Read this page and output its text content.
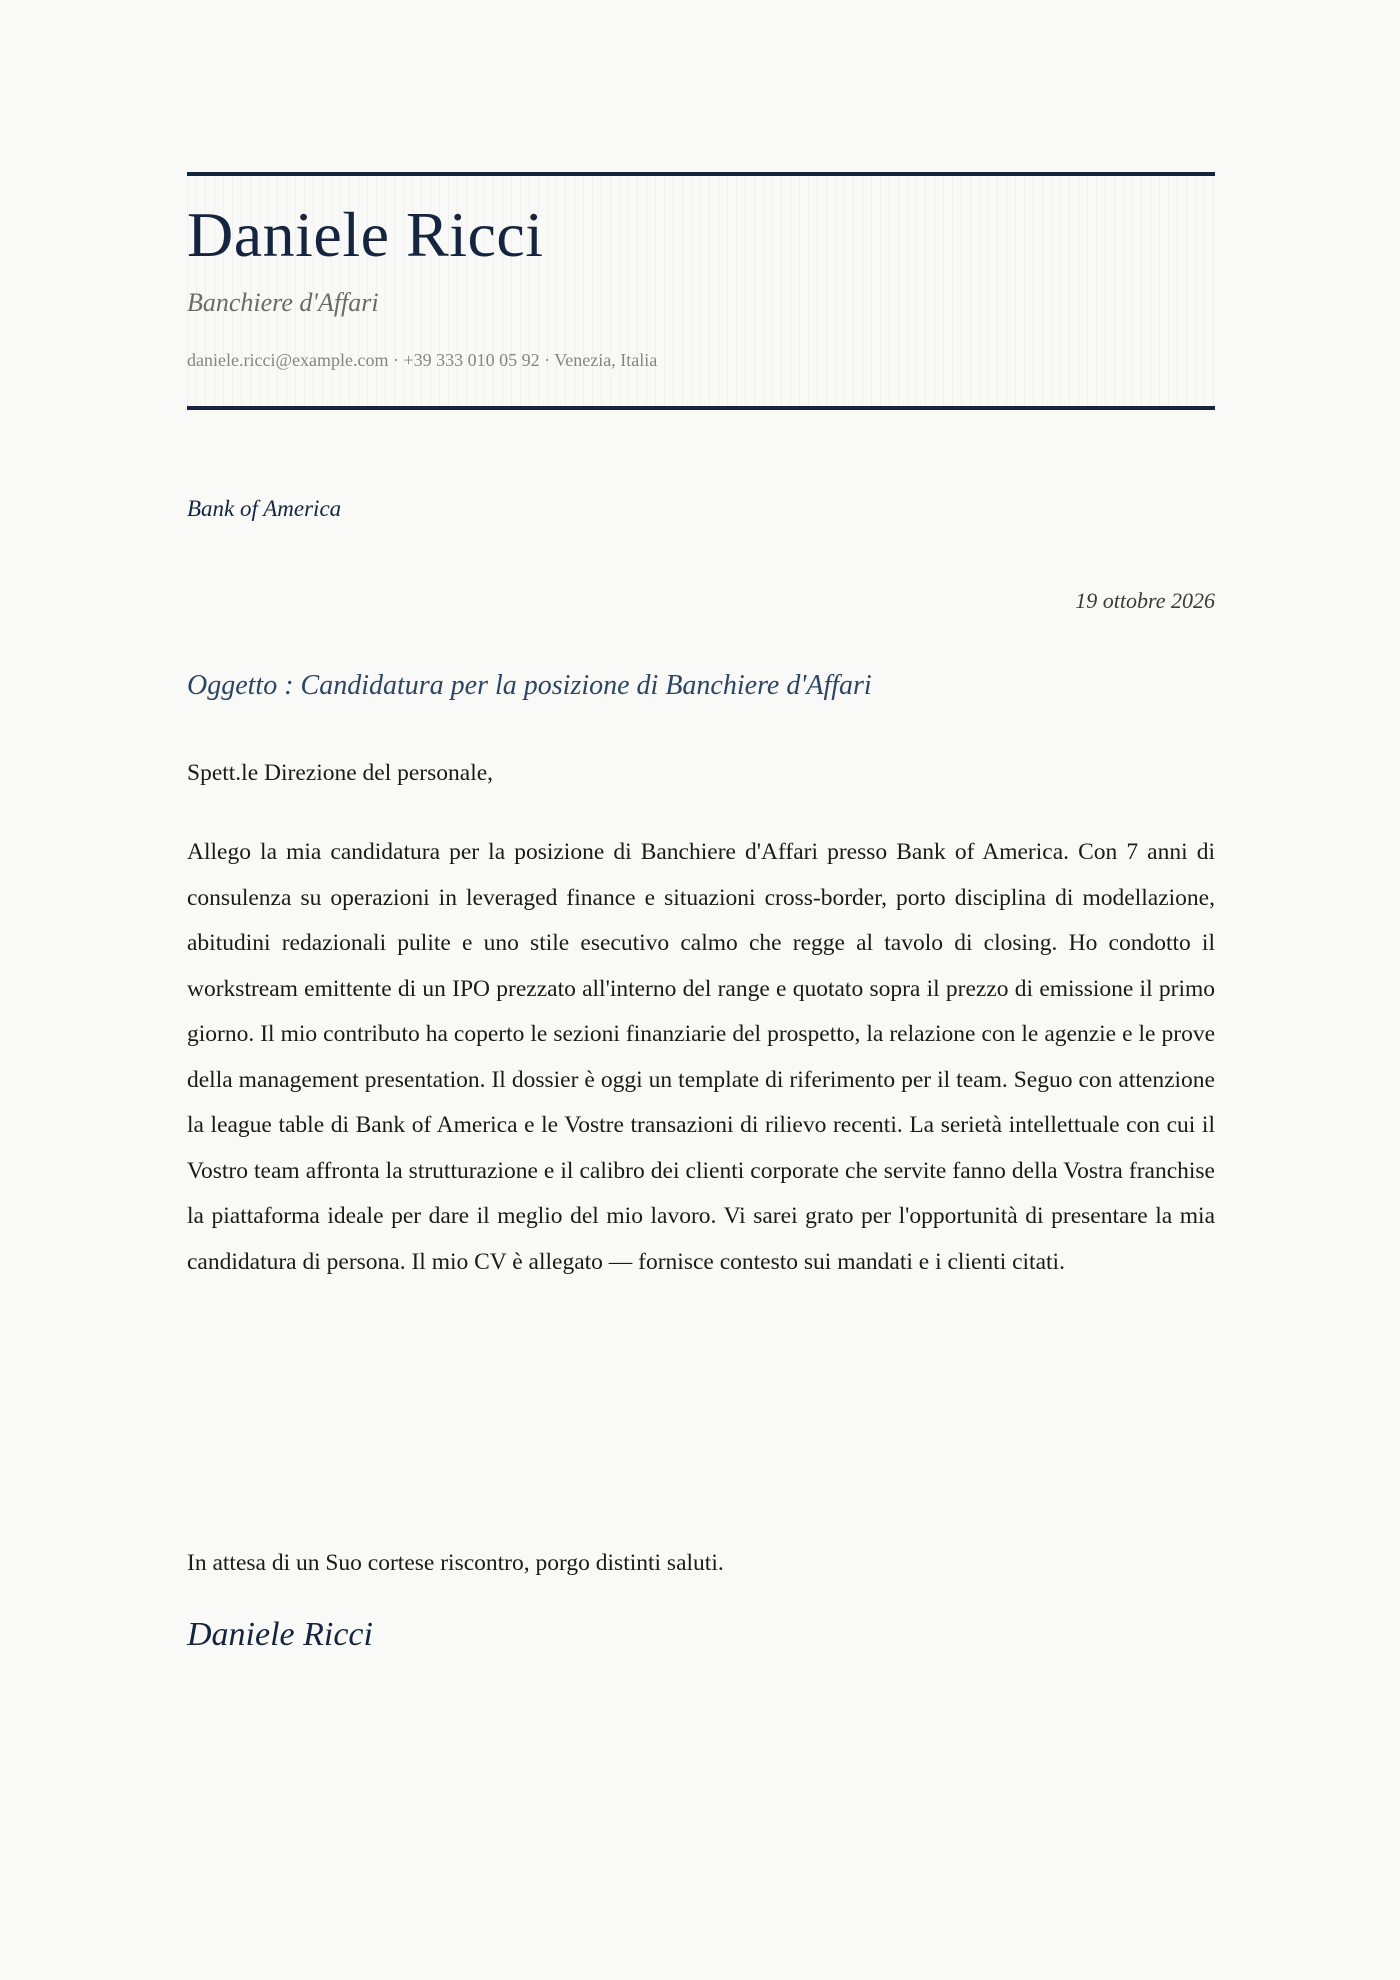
Daniele Ricci
Banchiere d'Affari
daniele.ricci@example.com · +39 333 010 05 92 · Venezia, Italia
Bank of America
19 ottobre 2026
Oggetto : Candidatura per la posizione di Banchiere d'Affari
Spett.le Direzione del personale,

Allego la mia candidatura per la posizione di Banchiere d'Affari presso Bank of America. Con 7 anni di consulenza su operazioni in leveraged finance e situazioni cross-border, porto disciplina di modellazione, abitudini redazionali pulite e uno stile esecutivo calmo che regge al tavolo di closing. Ho condotto il workstream emittente di un IPO prezzato all'interno del range e quotato sopra il prezzo di emissione il primo giorno. Il mio contributo ha coperto le sezioni finanziarie del prospetto, la relazione con le agenzie e le prove della management presentation. Il dossier è oggi un template di riferimento per il team. Seguo con attenzione la league table di Bank of America e le Vostre transazioni di rilievo recenti. La serietà intellettuale con cui il Vostro team affronta la strutturazione e il calibro dei clienti corporate che servite fanno della Vostra franchise la piattaforma ideale per dare il meglio del mio lavoro. Vi sarei grato per l'opportunità di presentare la mia candidatura di persona. Il mio CV è allegato — fornisce contesto sui mandati e i clienti citati.

In attesa di un Suo cortese riscontro, porgo distinti saluti.
Daniele Ricci
